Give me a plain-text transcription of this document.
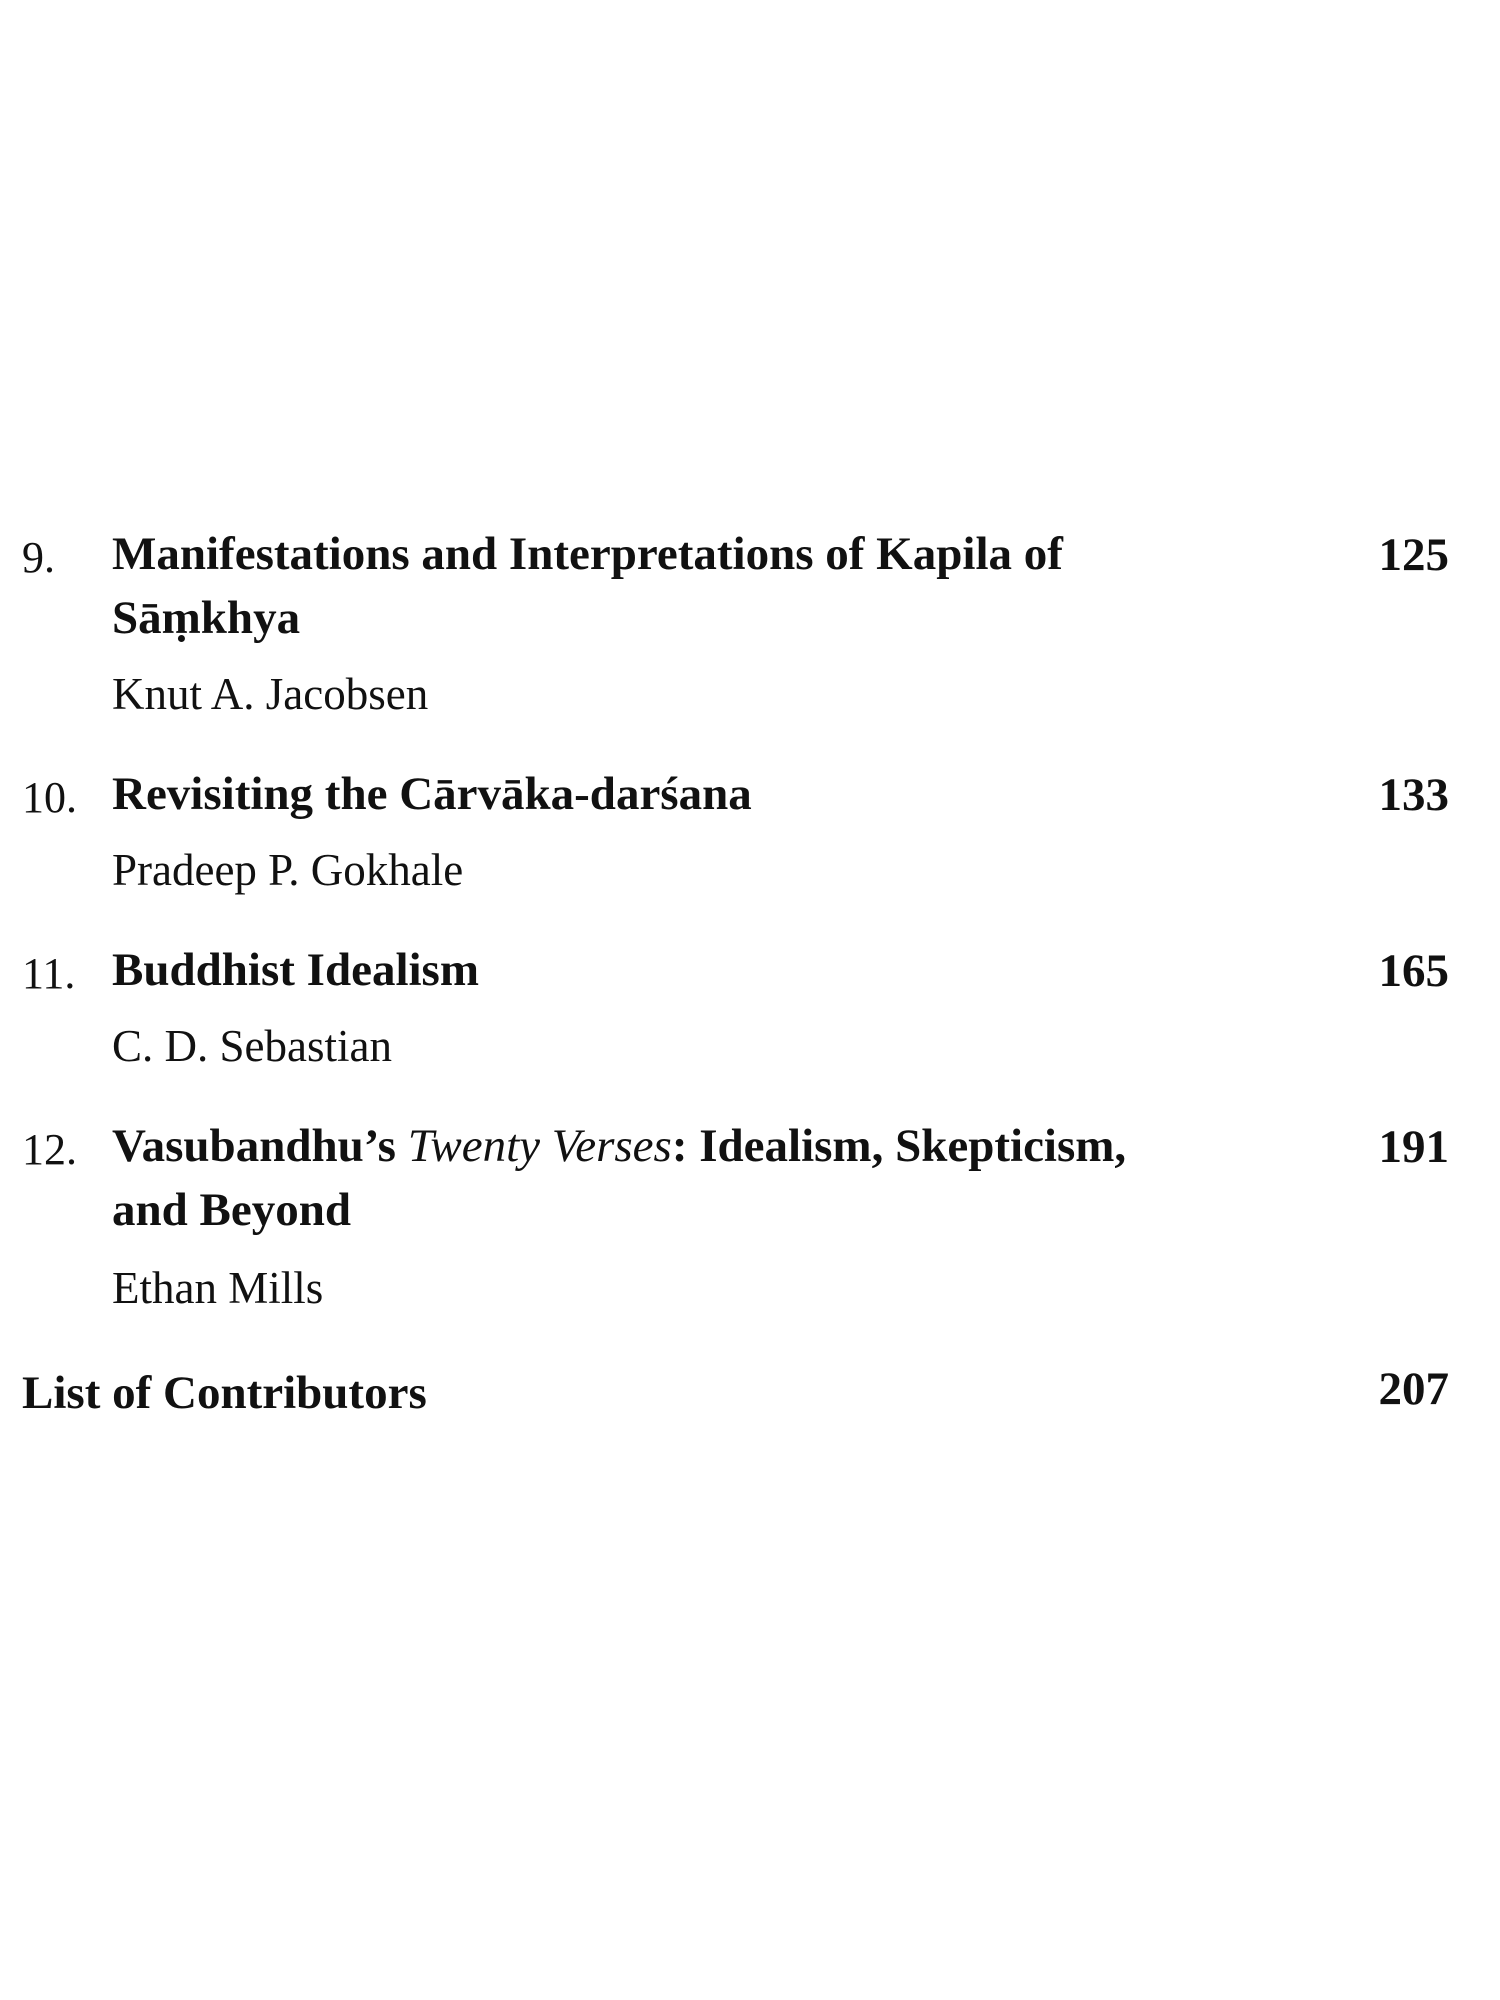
9. Manifestations and Interpretations of Kapila of
Sāṃkhya
Knut A. Jacobsen
125
10. Revisiting the Cārvāka-darśana
Pradeep P. Gokhale
133
11. Buddhist Idealism
C. D. Sebastian
165
12. Vasubandhu’s Twenty Verses: Idealism, Skepticism,
and Beyond
Ethan Mills
191
List of Contributors	207
